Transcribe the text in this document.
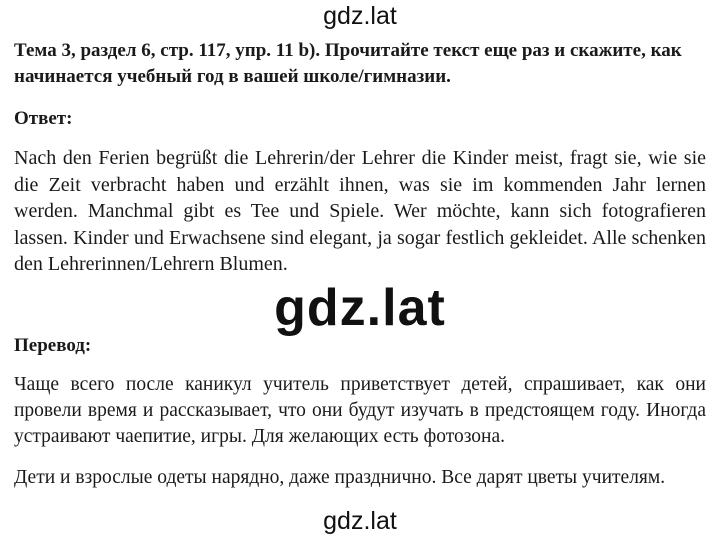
gdz.lat
Тема 3, раздел 6, стр. 117, упр. 11 b). Прочитайте текст еще раз и скажите, как начинается учебный год в вашей школе/гимназии.
Ответ:
Nach den Ferien begrüßt die Lehrerin/der Lehrer die Kinder meist, fragt sie, wie sie die Zeit verbracht haben und erzählt ihnen, was sie im kommenden Jahr lernen werden. Manchmal gibt es Tee und Spiele. Wer möchte, kann sich fotografieren lassen. Kinder und Erwachsene sind elegant, ja sogar festlich gekleidet. Alle schenken den Lehrerinnen/Lehrern Blumen.
gdz.lat
Перевод:
Чаще всего после каникул учитель приветствует детей, спрашивает, как они провели время и рассказывает, что они будут изучать в предстоящем году. Иногда устраивают чаепитие, игры. Для желающих есть фотозона.
Дети и взрослые одеты нарядно, даже празднично. Все дарят цветы учителям.
gdz.lat
